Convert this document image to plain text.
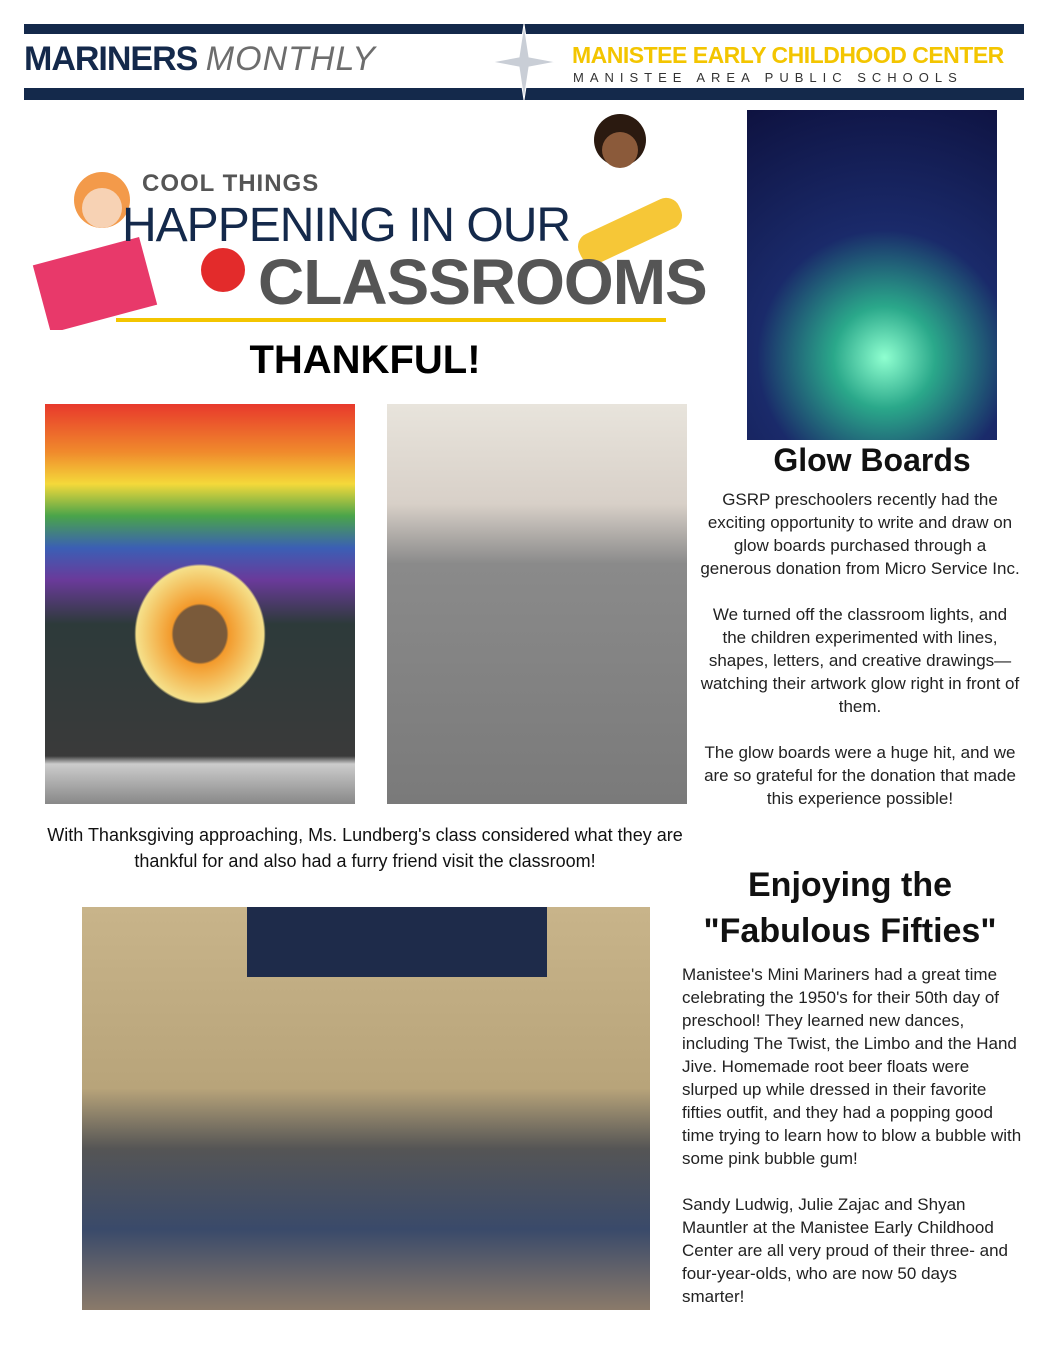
MARINERS MONTHLY	MANISTEE EARLY CHILDHOOD CENTER
MANISTEE AREA PUBLIC SCHOOLS
COOL THINGS
HAPPENING IN OUR
CLASSROOMS
THANKFUL!
With Thanksgiving approaching, Ms. Lundberg's class considered what they are thankful for and also had a furry friend visit the classroom!
Glow Boards

GSRP preschoolers recently had the exciting opportunity to write and draw on glow boards purchased through a generous donation from Micro Service Inc.

We turned off the classroom lights, and the children experimented with lines, shapes, letters, and creative drawings—watching their artwork glow right in front of them.

The glow boards were a huge hit, and we are so grateful for the donation that made this experience possible!

Enjoying the
"Fabulous Fifties"

Manistee's Mini Mariners had a great time celebrating the 1950's for their 50th day of preschool! They learned new dances, including The Twist, the Limbo and the Hand Jive. Homemade root beer floats were slurped up while dressed in their favorite fifties outfit, and they had a popping good time trying to learn how to blow a bubble with some pink bubble gum!

Sandy Ludwig, Julie Zajac and Shyan Mauntler at the Manistee Early Childhood Center are all very proud of their three- and four-year-olds, who are now 50 days smarter!
